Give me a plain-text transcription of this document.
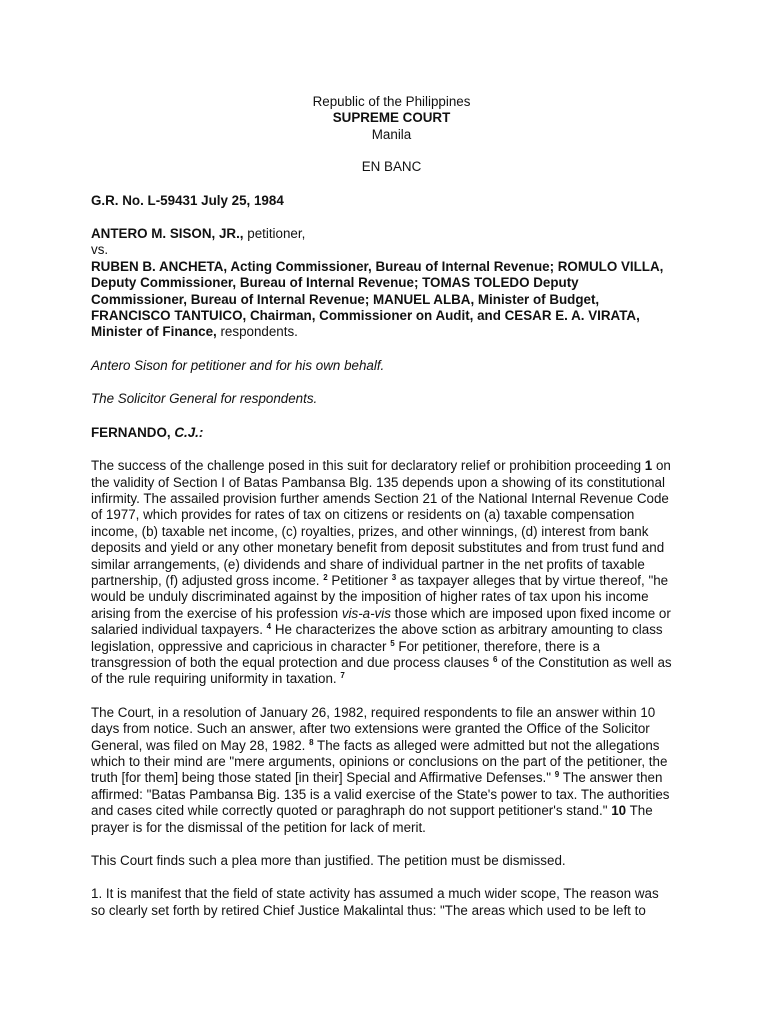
Republic of the Philippines
SUPREME COURT
Manila
EN BANC

G.R. No. L-59431 July 25, 1984

ANTERO M. SISON, JR., petitioner,

vs.

RUBEN B. ANCHETA, Acting Commissioner, Bureau of Internal Revenue; ROMULO VILLA, Deputy Commissioner, Bureau of Internal Revenue; TOMAS TOLEDO Deputy Commissioner, Bureau of Internal Revenue; MANUEL ALBA, Minister of Budget, FRANCISCO TANTUICO, Chairman, Commissioner on Audit, and CESAR E. A. VIRATA, Minister of Finance, respondents.

Antero Sison for petitioner and for his own behalf.

The Solicitor General for respondents.

FERNANDO, C.J.:

The success of the challenge posed in this suit for declaratory relief or prohibition proceeding 1 on the validity of Section I of Batas Pambansa Blg. 135 depends upon a showing of its constitutional infirmity. The assailed provision further amends Section 21 of the National Internal Revenue Code of 1977, which provides for rates of tax on citizens or residents on (a) taxable compensation income, (b) taxable net income, (c) royalties, prizes, and other winnings, (d) interest from bank deposits and yield or any other monetary benefit from deposit substitutes and from trust fund and similar arrangements, (e) dividends and share of individual partner in the net profits of taxable partnership, (f) adjusted gross income. $^2$ Petitioner $^3$ as taxpayer alleges that by virtue thereof, "he would be unduly discriminated against by the imposition of higher rates of tax upon his income arising from the exercise of his profession vis-a-vis those which are imposed upon fixed income or salaried individual taxpayers. $^4$ He characterizes the above sction as arbitrary amounting to class legislation, oppressive and capricious in character $^5$ For petitioner, therefore, there is a transgression of both the equal protection and due process clauses $^6$ of the Constitution as well as of the rule requiring uniformity in taxation. $^7$

The Court, in a resolution of January 26, 1982, required respondents to file an answer within 10 days from notice. Such an answer, after two extensions were granted the Office of the Solicitor General, was filed on May 28, 1982. $^8$ The facts as alleged were admitted but not the allegations which to their mind are "mere arguments, opinions or conclusions on the part of the petitioner, the truth [for them] being those stated [in their] Special and Affirmative Defenses." $^9$ The answer then affirmed: "Batas Pambansa Big. 135 is a valid exercise of the State's power to tax. The authorities and cases cited while correctly quoted or paraghraph do not support petitioner's stand." 10 The prayer is for the dismissal of the petition for lack of merit.

This Court finds such a plea more than justified. The petition must be dismissed.

1. It is manifest that the field of state activity has assumed a much wider scope, The reason was so clearly set forth by retired Chief Justice Makalintal thus: "The areas which used to be left to
